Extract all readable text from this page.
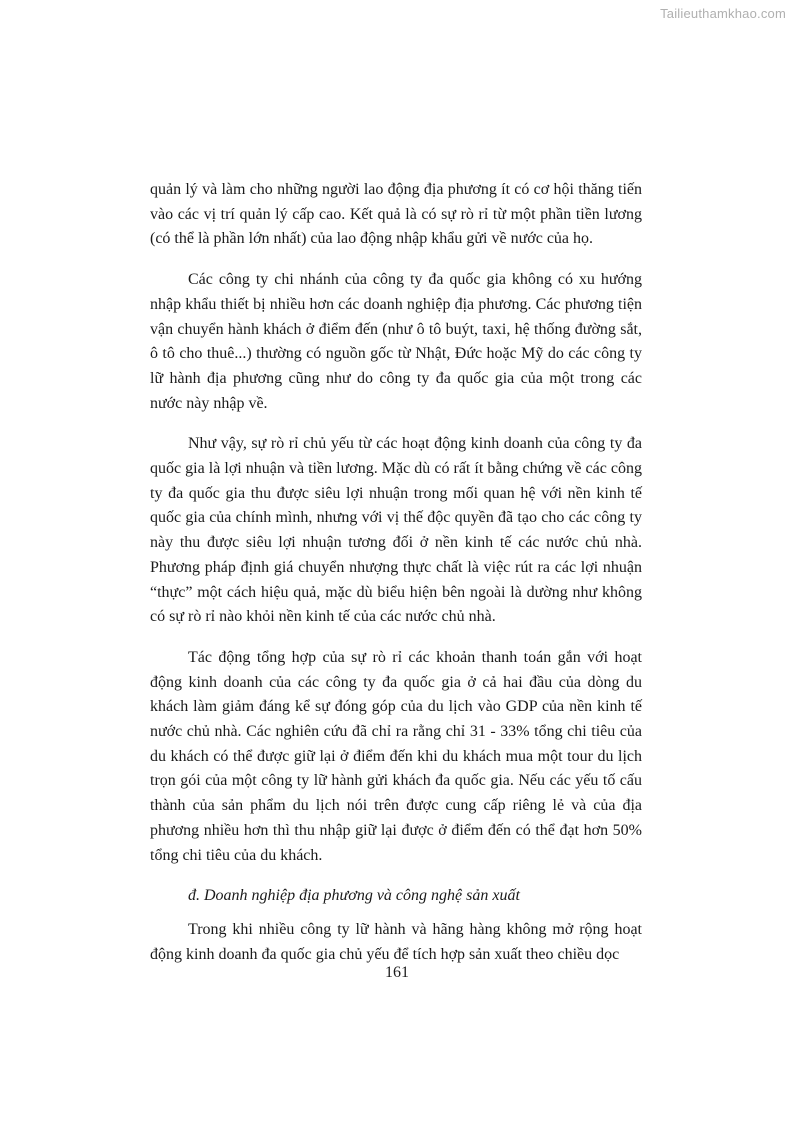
Tailieuthamkhao.com

quản lý và làm cho những người lao động địa phương ít có cơ hội thăng tiến vào các vị trí quản lý cấp cao. Kết quả là có sự rò rỉ từ một phần tiền lương (có thể là phần lớn nhất) của lao động nhập khẩu gửi về nước của họ.

Các công ty chi nhánh của công ty đa quốc gia không có xu hướng nhập khẩu thiết bị nhiều hơn các doanh nghiệp địa phương. Các phương tiện vận chuyển hành khách ở điểm đến (như ô tô buýt, taxi, hệ thống đường sắt, ô tô cho thuê...) thường có nguồn gốc từ Nhật, Đức hoặc Mỹ do các công ty lữ hành địa phương cũng như do công ty đa quốc gia của một trong các nước này nhập về.

Như vậy, sự rò rỉ chủ yếu từ các hoạt động kinh doanh của công ty đa quốc gia là lợi nhuận và tiền lương. Mặc dù có rất ít bằng chứng về các công ty đa quốc gia thu được siêu lợi nhuận trong mối quan hệ với nền kinh tế quốc gia của chính mình, nhưng với vị thế độc quyền đã tạo cho các công ty này thu được siêu lợi nhuận tương đối ở nền kinh tế các nước chủ nhà. Phương pháp định giá chuyển nhượng thực chất là việc rút ra các lợi nhuận “thực” một cách hiệu quả, mặc dù biểu hiện bên ngoài là dường như không có sự rò rỉ nào khỏi nền kinh tế của các nước chủ nhà.

Tác động tổng hợp của sự rò rỉ các khoản thanh toán gắn với hoạt động kinh doanh của các công ty đa quốc gia ở cả hai đầu của dòng du khách làm giảm đáng kể sự đóng góp của du lịch vào GDP của nền kinh tế nước chủ nhà. Các nghiên cứu đã chỉ ra rằng chỉ 31 - 33% tổng chi tiêu của du khách có thể được giữ lại ở điểm đến khi du khách mua một tour du lịch trọn gói của một công ty lữ hành gửi khách đa quốc gia. Nếu các yếu tố cấu thành của sản phẩm du lịch nói trên được cung cấp riêng lẻ và của địa phương nhiều hơn thì thu nhập giữ lại được ở điểm đến có thể đạt hơn 50% tổng chi tiêu của du khách.

đ. Doanh nghiệp địa phương và công nghệ sản xuất

Trong khi nhiều công ty lữ hành và hãng hàng không mở rộng hoạt động kinh doanh đa quốc gia chủ yếu để tích hợp sản xuất theo chiều dọc

161
